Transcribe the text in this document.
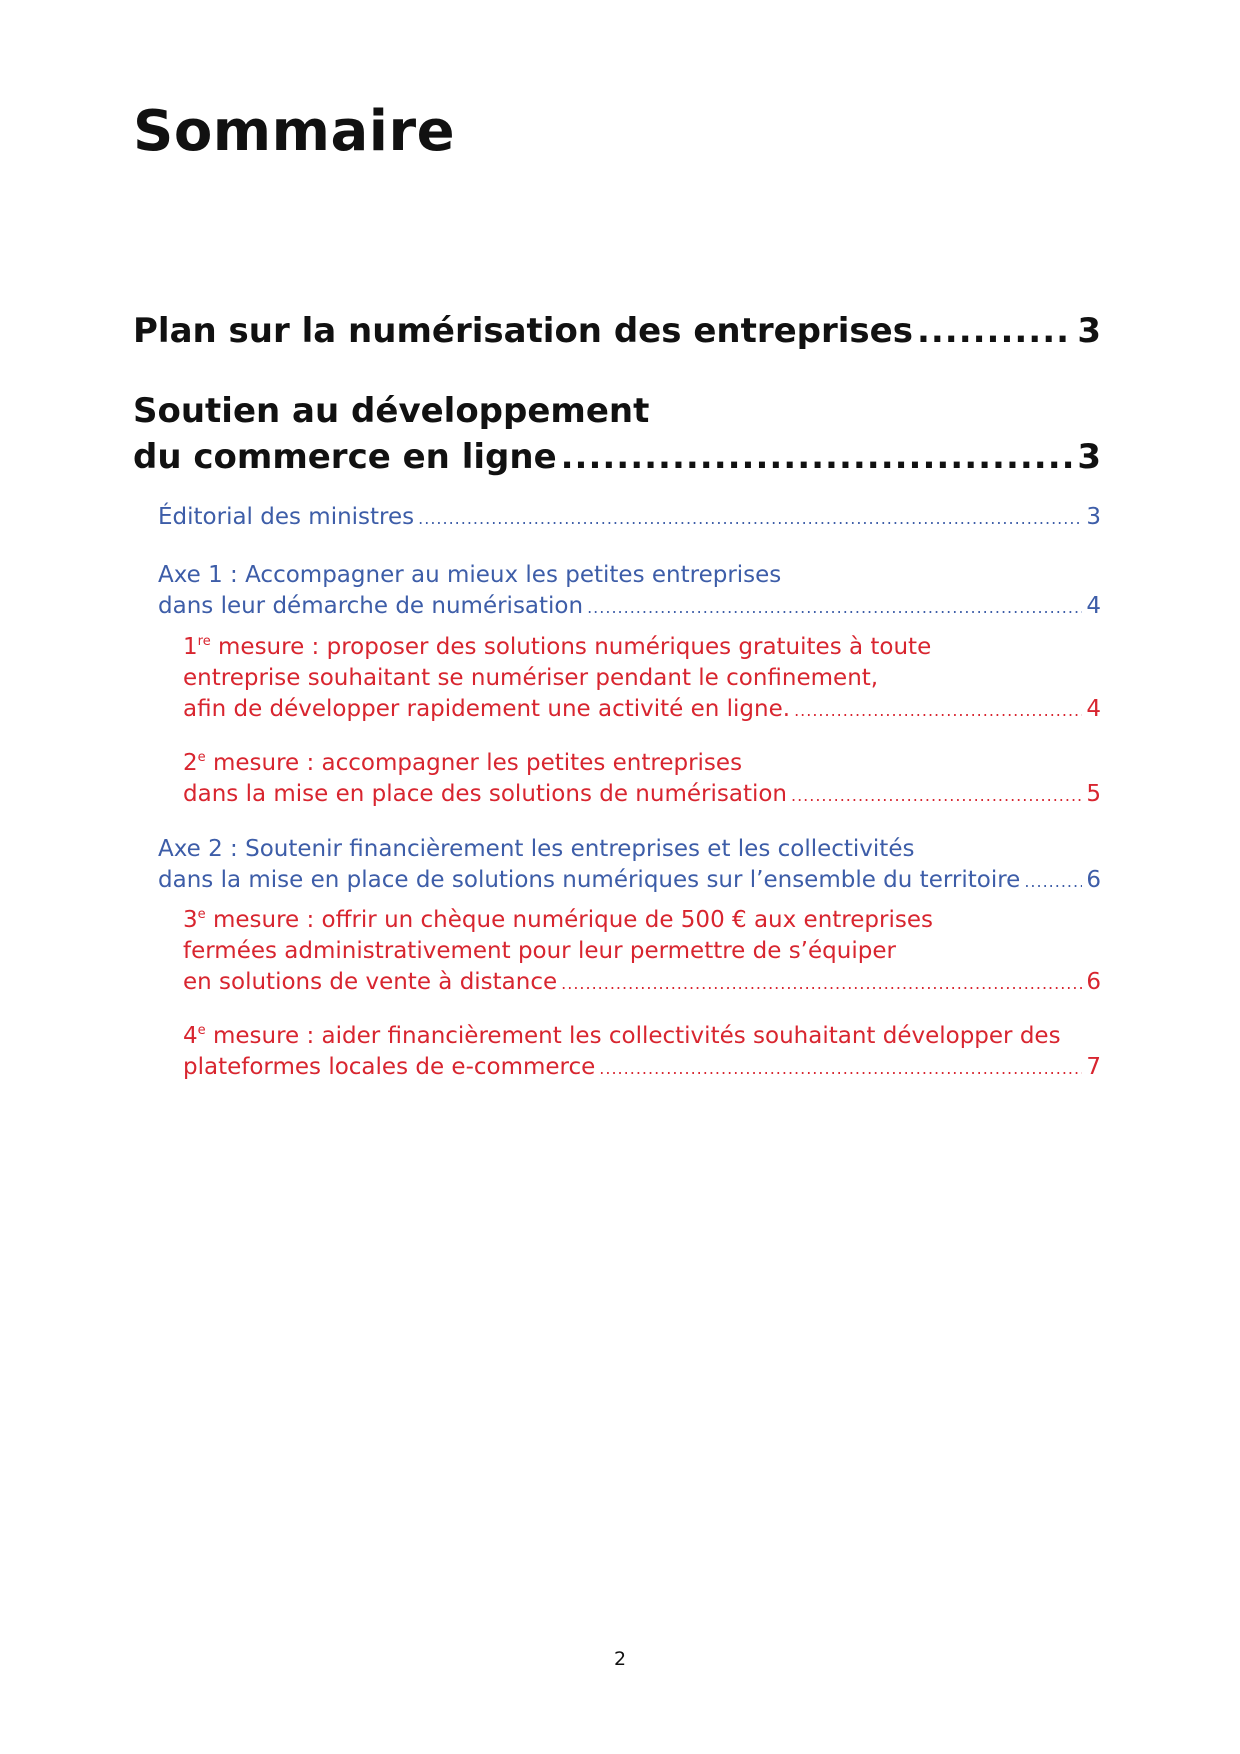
Sommaire
Plan sur la numérisation des entreprises .....	3
Soutien au développement
du commerce en ligne .....	3
Éditorial des ministres .....	3
Axe 1 : Accompagner au mieux les petites entreprises
dans leur démarche de numérisation .....	4
1re mesure : proposer des solutions numériques gratuites à toute
entreprise souhaitant se numériser pendant le confinement,
afin de développer rapidement une activité en ligne. .....	4
2e mesure : accompagner les petites entreprises
dans la mise en place des solutions de numérisation .....	5
Axe 2 : Soutenir financièrement les entreprises et les collectivités
dans la mise en place de solutions numériques sur l’ensemble du territoire .....	6
3e mesure : offrir un chèque numérique de 500 € aux entreprises
fermées administrativement pour leur permettre de s’équiper
en solutions de vente à distance .....	6
4e mesure : aider financièrement les collectivités souhaitant développer des
plateformes locales de e-commerce .....	7
2
